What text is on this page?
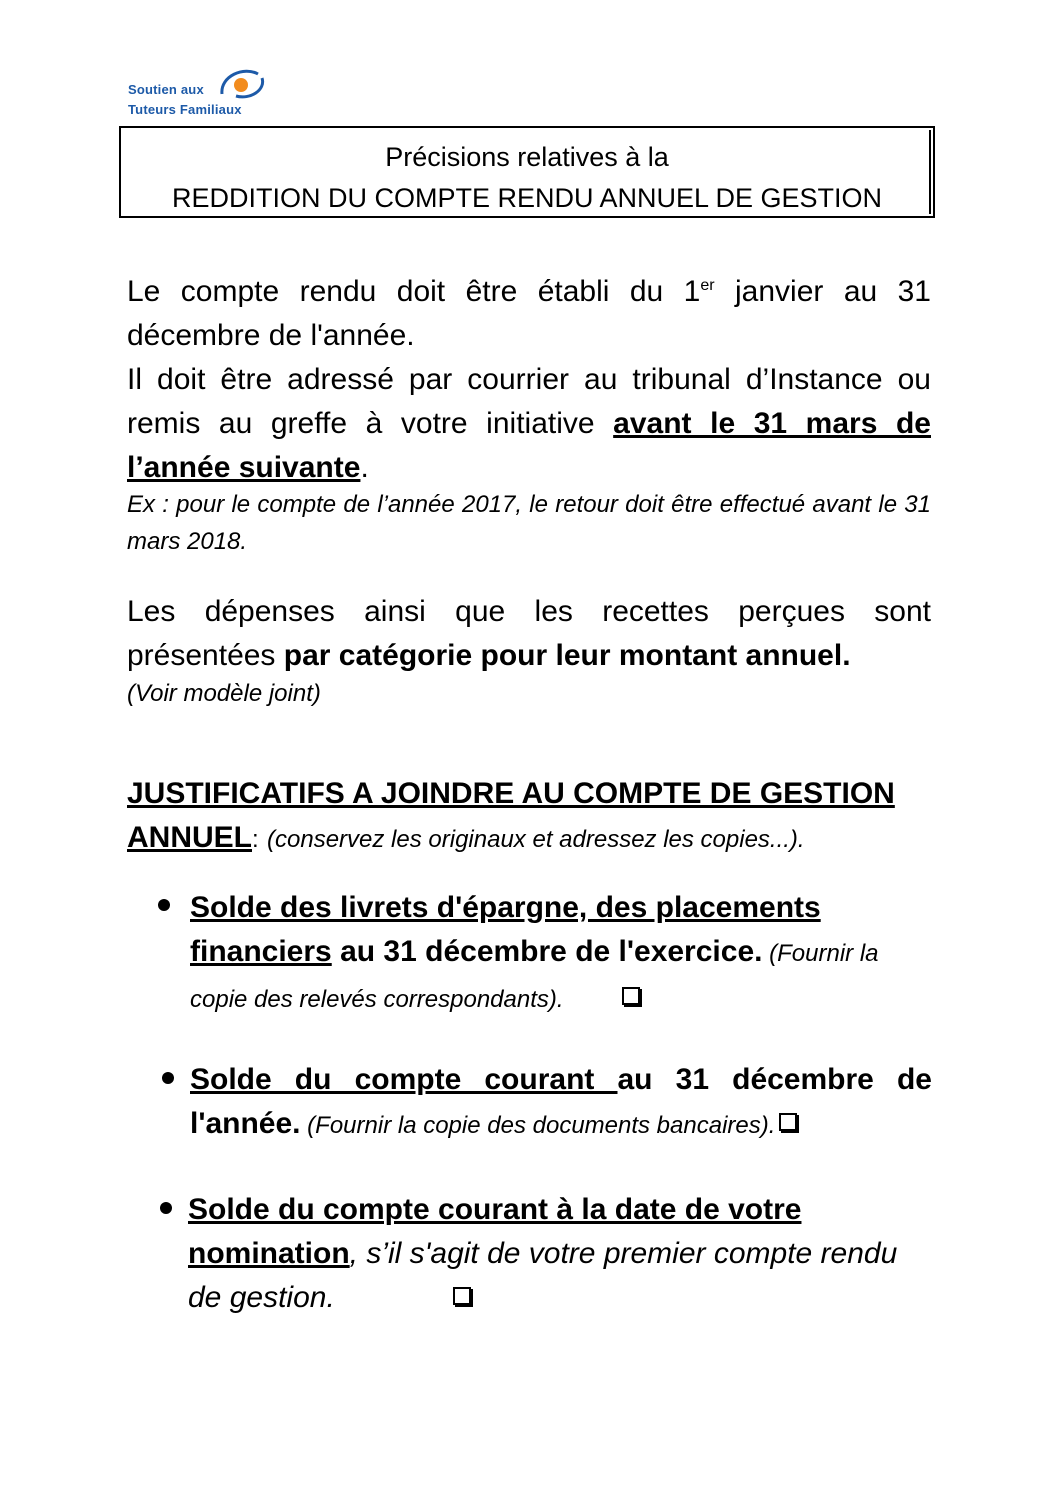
Soutien aux
Tuteurs Familiaux
Précisions relatives à la
REDDITION DU COMPTE RENDU ANNUEL DE GESTION
Le compte rendu doit être établi du 1er janvier au 31 décembre de l'année.
Il doit être adressé par courrier au tribunal d’Instance ou remis au greffe à votre initiative avant le 31 mars de l’année suivante.
Ex : pour le compte de l’année 2017, le retour doit être effectué avant le 31 mars 2018.
Les dépenses ainsi que les recettes perçues sont présentées par catégorie pour leur montant annuel.
(Voir modèle joint)
JUSTIFICATIFS A JOINDRE AU COMPTE DE GESTION ANNUEL: (conservez les originaux et adressez les copies...).
Solde des livrets d'épargne, des placements financiers au 31 décembre de l'exercice. (Fournir la copie des relevés correspondants).
Solde du compte courant au 31 décembre de l'année. (Fournir la copie des documents bancaires).
Solde du compte courant à la date de votre nomination, s’il s'agit de votre premier compte rendu de gestion.
